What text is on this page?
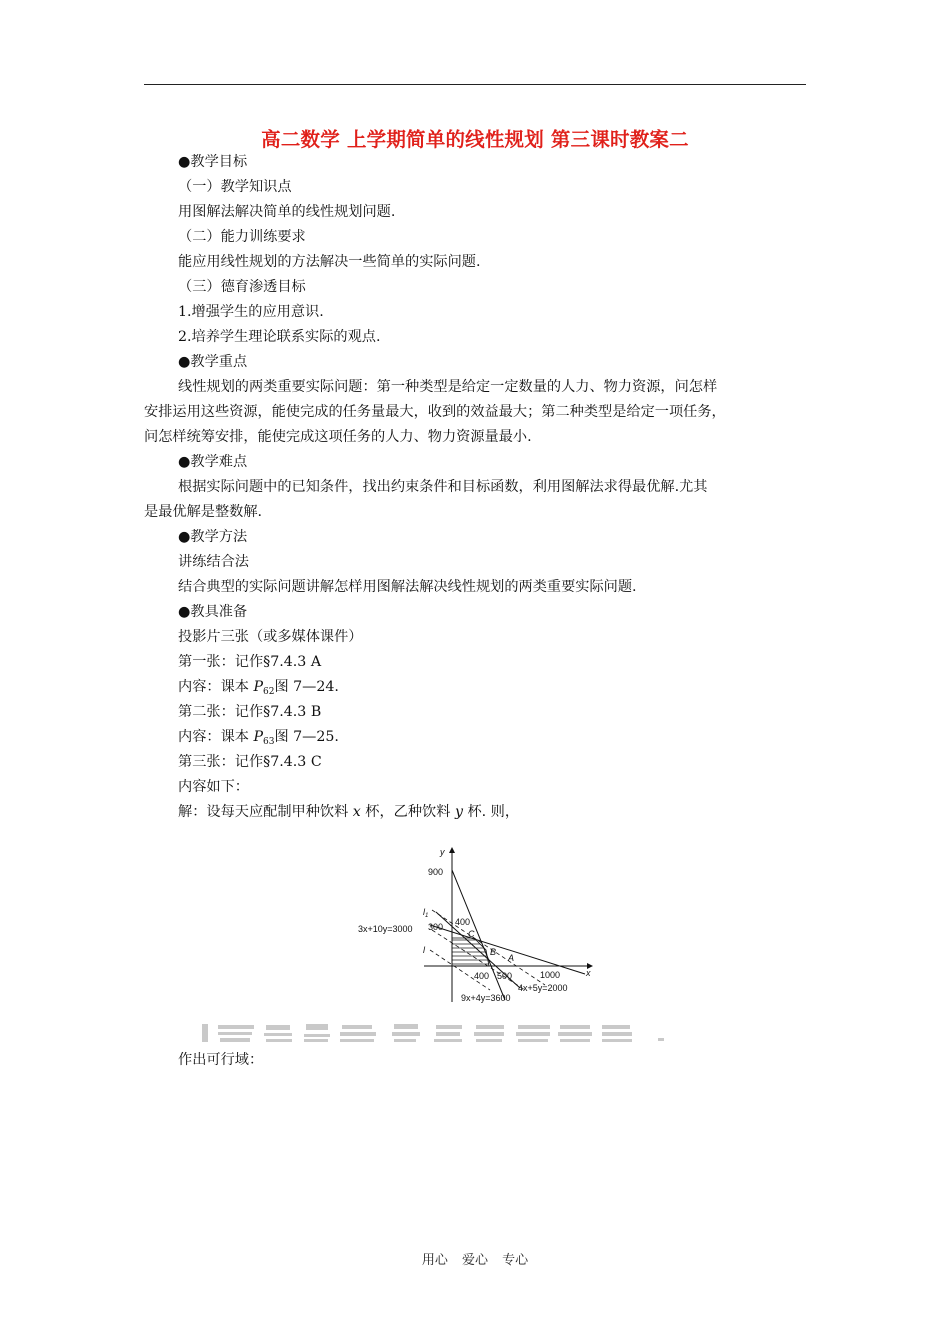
高二数学 上学期简单的线性规划 第三课时教案二
●教学目标
（一）教学知识点
用图解法解决简单的线性规划问题.
（二）能力训练要求
能应用线性规划的方法解决一些简单的实际问题.
（三）德育渗透目标
1.增强学生的应用意识.
2.培养学生理论联系实际的观点.
●教学重点
线性规划的两类重要实际问题：第一种类型是给定一定数量的人力、物力资源，问怎样
安排运用这些资源，能使完成的任务量最大，收到的效益最大；第二种类型是给定一项任务，
问怎样统筹安排，能使完成这项任务的人力、物力资源量最小.
●教学难点
根据实际问题中的已知条件，找出约束条件和目标函数，利用图解法求得最优解.尤其
是最优解是整数解.
●教学方法
讲练结合法
结合典型的实际问题讲解怎样用图解法解决线性规划的两类重要实际问题.
●教具准备
投影片三张（或多媒体课件）
第一张：记作§7.4.3 A
内容：课本 $P_{62}$图 7—24.
第二张：记作§7.4.3 B
内容：课本 $P_{63}$图 7—25.
第三张：记作§7.4.3 C
内容如下：
解：设每天应配制甲种饮料 x 杯，乙种饮料 y 杯. 则，
y
x
900
400
300
400 500	1000
3x+10y=3000
4x+5y=2000
9x+4y=3600
$l_1$
l
C
B
A
作出可行域：
用心 爱心 专心
